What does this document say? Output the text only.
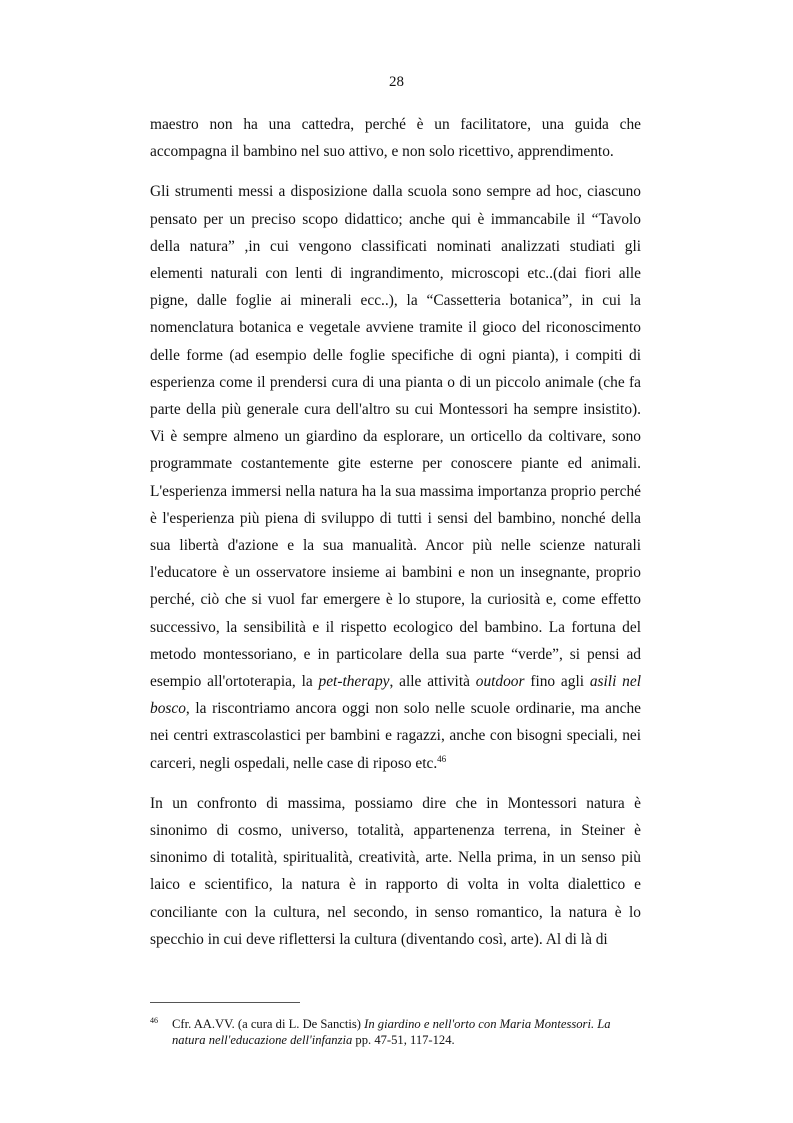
28

maestro non ha una cattedra, perché è un facilitatore, una guida che accompagna il bambino nel suo attivo, e non solo ricettivo, apprendimento.

Gli strumenti messi a disposizione dalla scuola sono sempre ad hoc, ciascuno pensato per un preciso scopo didattico; anche qui è immancabile il “Tavolo della natura” ,in cui vengono classificati nominati analizzati studiati gli elementi naturali con lenti di ingrandimento, microscopi etc..(dai fiori alle pigne, dalle foglie ai minerali ecc..), la “Cassetteria botanica”, in cui la nomenclatura botanica e vegetale avviene tramite il gioco del riconoscimento delle forme (ad esempio delle foglie specifiche di ogni pianta), i compiti di esperienza come il prendersi cura di una pianta o di un piccolo animale (che fa parte della più generale cura dell'altro su cui Montessori ha sempre insistito). Vi è sempre almeno un giardino da esplorare, un orticello da coltivare, sono programmate costantemente gite esterne per conoscere piante ed animali. L'esperienza immersi nella natura ha la sua massima importanza proprio perché è l'esperienza più piena di sviluppo di tutti i sensi del bambino, nonché della sua libertà d'azione e la sua manualità. Ancor più nelle scienze naturali l'educatore è un osservatore insieme ai bambini e non un insegnante, proprio perché, ciò che si vuol far emergere è lo stupore, la curiosità e, come effetto successivo, la sensibilità e il rispetto ecologico del bambino. La fortuna del metodo montessoriano, e in particolare della sua parte “verde”, si pensi ad esempio all'ortoterapia, la pet-therapy, alle attività outdoor fino agli asili nel bosco, la riscontriamo ancora oggi non solo nelle scuole ordinarie, ma anche nei centri extrascolastici per bambini e ragazzi, anche con bisogni speciali, nei carceri, negli ospedali, nelle case di riposo etc.$^{46}$

In un confronto di massima, possiamo dire che in Montessori natura è sinonimo di cosmo, universo, totalità, appartenenza terrena, in Steiner è sinonimo di totalità, spiritualità, creatività, arte. Nella prima, in un senso più laico e scientifico, la natura è in rapporto di volta in volta dialettico e conciliante con la cultura, nel secondo, in senso romantico, la natura è lo specchio in cui deve riflettersi la cultura (diventando così, arte). Al di là di

46	Cfr. AA.VV. (a cura di L. De Sanctis) In giardino e nell'orto con Maria Montessori. La natura nell'educazione dell'infanzia pp. 47-51, 117-124.
